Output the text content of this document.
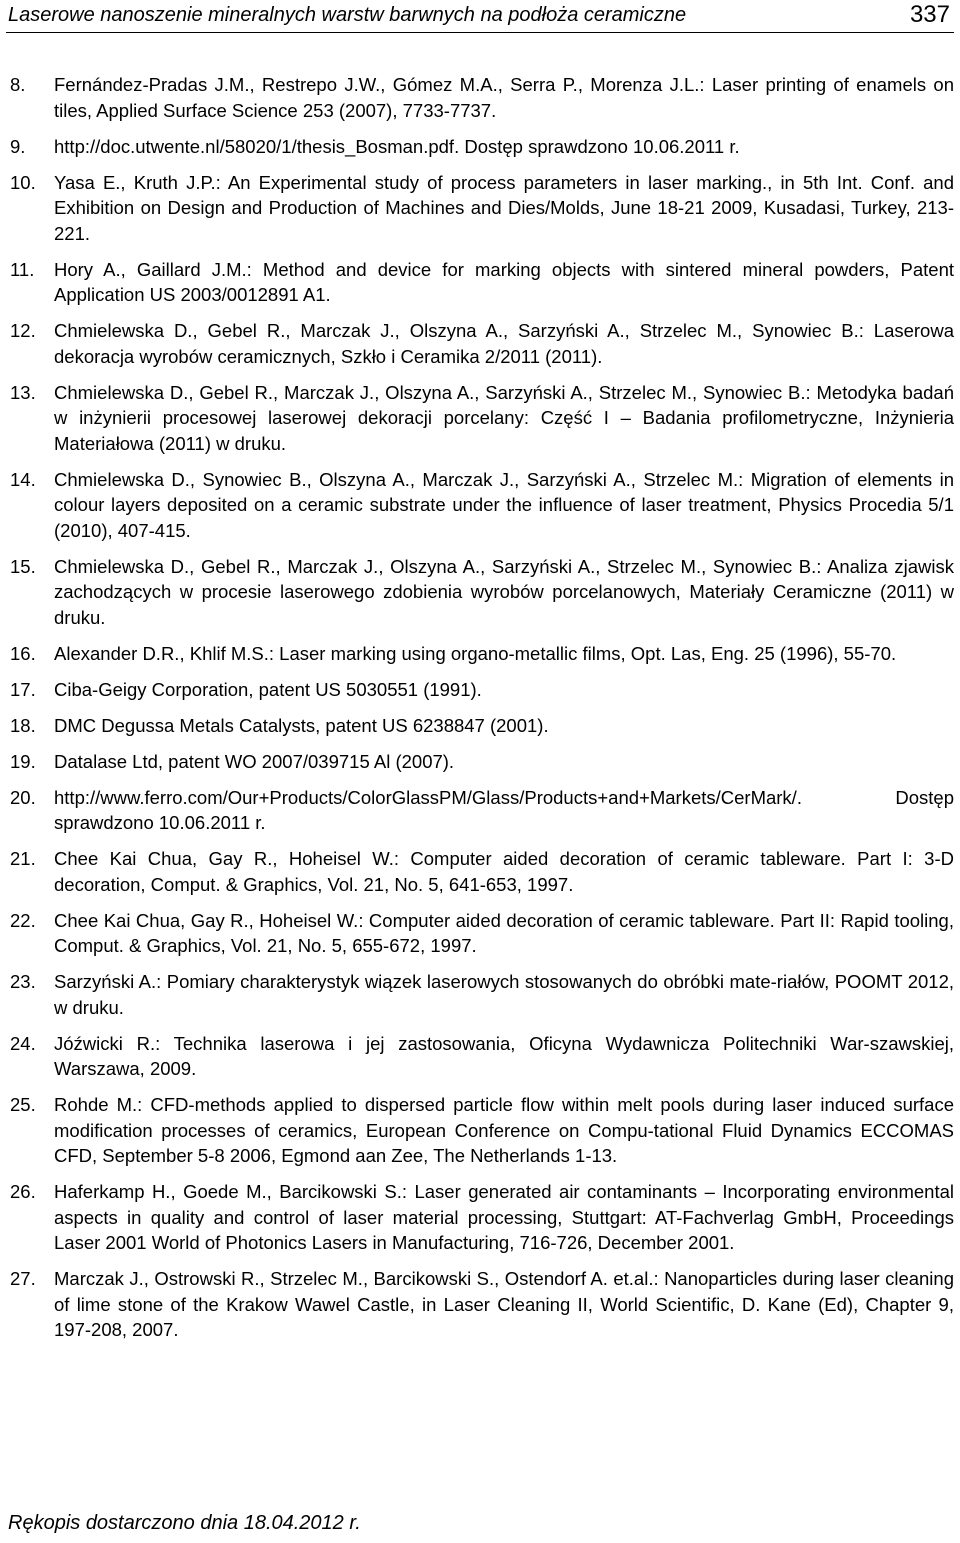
Laserowe nanoszenie mineralnych warstw barwnych na podłoża ceramiczne	337
8. Fernández-Pradas J.M., Restrepo J.W., Gómez M.A., Serra P., Morenza J.L.: Laser printing of enamels on tiles, Applied Surface Science 253 (2007), 7733-7737.
9. http://doc.utwente.nl/58020/1/thesis_Bosman.pdf. Dostęp sprawdzono 10.06.2011 r.
10. Yasa E., Kruth J.P.: An Experimental study of process parameters in laser marking., in 5th Int. Conf. and Exhibition on Design and Production of Machines and Dies/Molds, June 18-21 2009, Kusadasi, Turkey, 213-221.
11. Hory A., Gaillard J.M.: Method and device for marking objects with sintered mineral powders, Patent Application US 2003/0012891 A1.
12. Chmielewska D., Gebel R., Marczak J., Olszyna A., Sarzyński A., Strzelec M., Synowiec B.: Laserowa dekoracja wyrobów ceramicznych, Szkło i Ceramika 2/2011 (2011).
13. Chmielewska D., Gebel R., Marczak J., Olszyna A., Sarzyński A., Strzelec M., Synowiec B.: Metodyka badań w inżynierii procesowej laserowej dekoracji porcelany: Część I – Badania profilometryczne, Inżynieria Materiałowa (2011) w druku.
14. Chmielewska D., Synowiec B., Olszyna A., Marczak J., Sarzyński A., Strzelec M.: Migration of elements in colour layers deposited on a ceramic substrate under the influence of laser treatment, Physics Procedia 5/1 (2010), 407-415.
15. Chmielewska D., Gebel R., Marczak J., Olszyna A., Sarzyński A., Strzelec M., Synowiec B.: Analiza zjawisk zachodzących w procesie laserowego zdobienia wyrobów porcelanowych, Materiały Ceramiczne (2011) w druku.
16. Alexander D.R., Khlif M.S.: Laser marking using organo-metallic films, Opt. Las, Eng. 25 (1996), 55-70.
17. Ciba-Geigy Corporation, patent US 5030551 (1991).
18. DMC Degussa Metals Catalysts, patent US 6238847 (2001).
19. Datalase Ltd, patent WO 2007/039715 Al (2007).
20. http://www.ferro.com/Our+Products/ColorGlassPM/Glass/Products+and+Markets/CerMark/. Dostęp sprawdzono 10.06.2011 r.
21. Chee Kai Chua, Gay R., Hoheisel W.: Computer aided decoration of ceramic tableware. Part I: 3-D decoration, Comput. & Graphics, Vol. 21, No. 5, 641-653, 1997.
22. Chee Kai Chua, Gay R., Hoheisel W.: Computer aided decoration of ceramic tableware. Part II: Rapid tooling, Comput. & Graphics, Vol. 21, No. 5, 655-672, 1997.
23. Sarzyński A.: Pomiary charakterystyk wiązek laserowych stosowanych do obróbki mate-riałów, POOMT 2012, w druku.
24. Jóźwicki R.: Technika laserowa i jej zastosowania, Oficyna Wydawnicza Politechniki War-szawskiej, Warszawa, 2009.
25. Rohde M.: CFD-methods applied to dispersed particle flow within melt pools during laser induced surface modification processes of ceramics, European Conference on Compu-tational Fluid Dynamics ECCOMAS CFD, September 5-8 2006, Egmond aan Zee, The Netherlands 1-13.
26. Haferkamp H., Goede M., Barcikowski S.: Laser generated air contaminants – Incorporating environmental aspects in quality and control of laser material processing, Stuttgart: AT-Fachverlag GmbH, Proceedings Laser 2001 World of Photonics Lasers in Manufacturing, 716-726, December 2001.
27. Marczak J., Ostrowski R., Strzelec M., Barcikowski S., Ostendorf A. et.al.: Nanoparticles during laser cleaning of lime stone of the Krakow Wawel Castle, in Laser Cleaning II, World Scientific, D. Kane (Ed), Chapter 9, 197-208, 2007.
Rękopis dostarczono dnia 18.04.2012 r.
